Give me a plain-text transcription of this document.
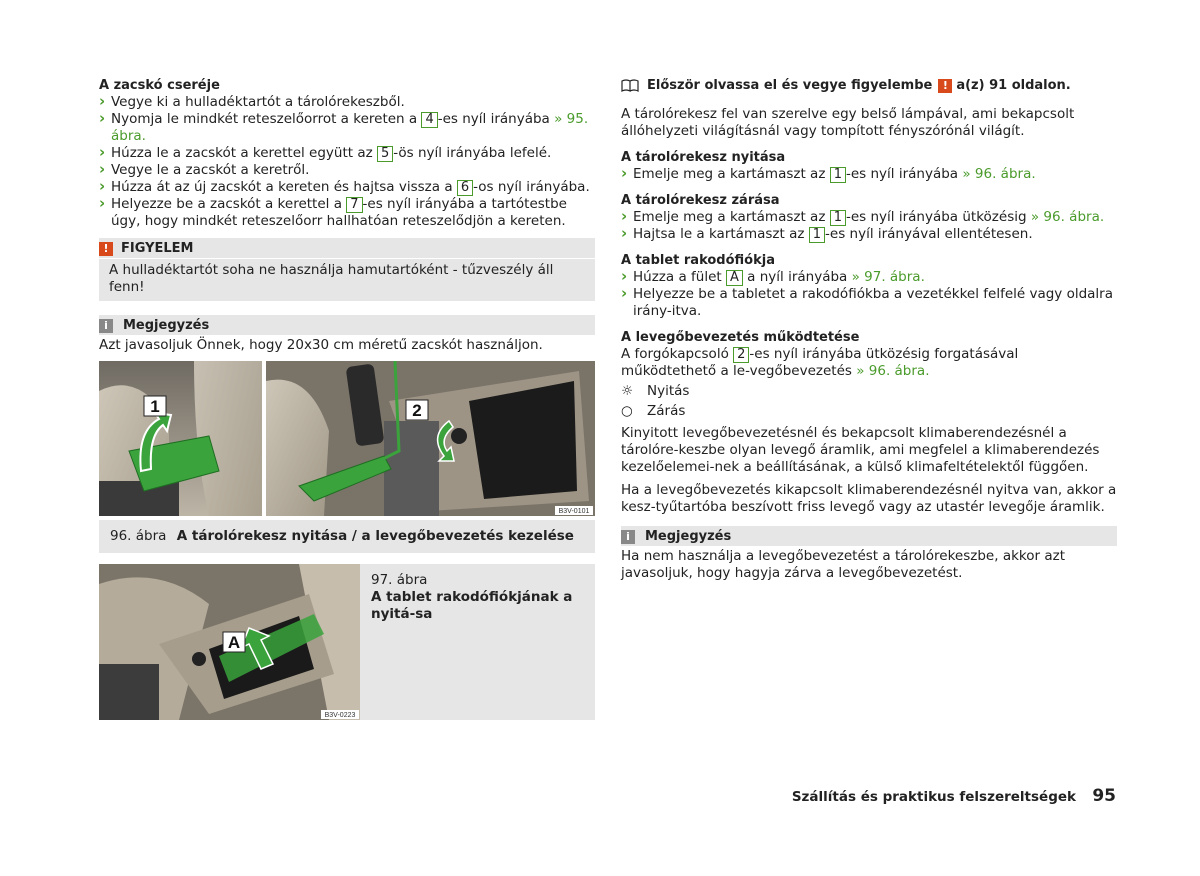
A zacskó cseréje

› Vegye ki a hulladéktartót a tárolórekeszből.
› Nyomja le mindkét reteszelőorrot a kereten a 4 -es nyíl irányába » 95. ábra.
› Húzza le a zacskót a kerettel együtt az 5 -ös nyíl irányába lefelé.
› Vegye le a zacskót a keretről.
› Húzza át az új zacskót a kereten és hajtsa vissza a 6 -os nyíl irányába.
› Helyezze be a zacskót a kerettel a 7 -es nyíl irányába a tartótestbe úgy, hogy mindkét reteszelőorr hallhatóan reteszelődjön a kereten.
! FIGYELEM
A hulladéktartót soha ne használja hamutartóként - tűzveszély áll fenn!
i	Megjegyzés

Azt javasoljuk Önnek, hogy 20x30 cm méretű zacskót használjon.

1	2
B3V-0101
96. ábra A tárolórekesz nyitása / a levegőbevezetés kezelése
A
B3V-0223
97. ábra
A tablet rakodófiókjának a nyitá-sa

Először olvassa el és vegye figyelembe ! a(z) 91 oldalon.

A tárolórekesz fel van szerelve egy belső lámpával, ami bekapcsolt állóhelyzeti világításnál vagy tompított fényszórónál világít.

A tárolórekesz nyitása

› Emelje meg a kartámaszt az 1 -es nyíl irányába » 96. ábra.

A tárolórekesz zárása

› Emelje meg a kartámaszt az 1 -es nyíl irányába ütközésig » 96. ábra.
› Hajtsa le a kartámaszt az 1 -es nyíl irányával ellentétesen.

A tablet rakodófiókja

› Húzza a fület A a nyíl irányába » 97. ábra.
› Helyezze be a tabletet a rakodófiókba a vezetékkel felfelé vagy oldalra irány-itva.

A levegőbevezetés működtetése

A forgókapcsoló 2 -es nyíl irányába ütközésig forgatásával működtethető a le-vegőbevezetés » 96. ábra.

☼ Nyitás

○ Zárás

Kinyitott levegőbevezetésnél és bekapcsolt klimaberendezésnél a tárolóre-keszbe olyan levegő áramlik, ami megfelel a klimaberendezés kezelőelemei-nek a beállításának, a külső klimafeltételektől függően.

Ha a levegőbevezetés kikapcsolt klimaberendezésnél nyitva van, akkor a kesz-tyűtartóba beszívott friss levegő vagy az utastér levegője áramlik.

i	Megjegyzés

Ha nem használja a levegőbevezetést a tárolórekeszbe, akkor azt javasoljuk, hogy hagyja zárva a levegőbevezetést.

Szállítás és praktikus felszereltségek 95
